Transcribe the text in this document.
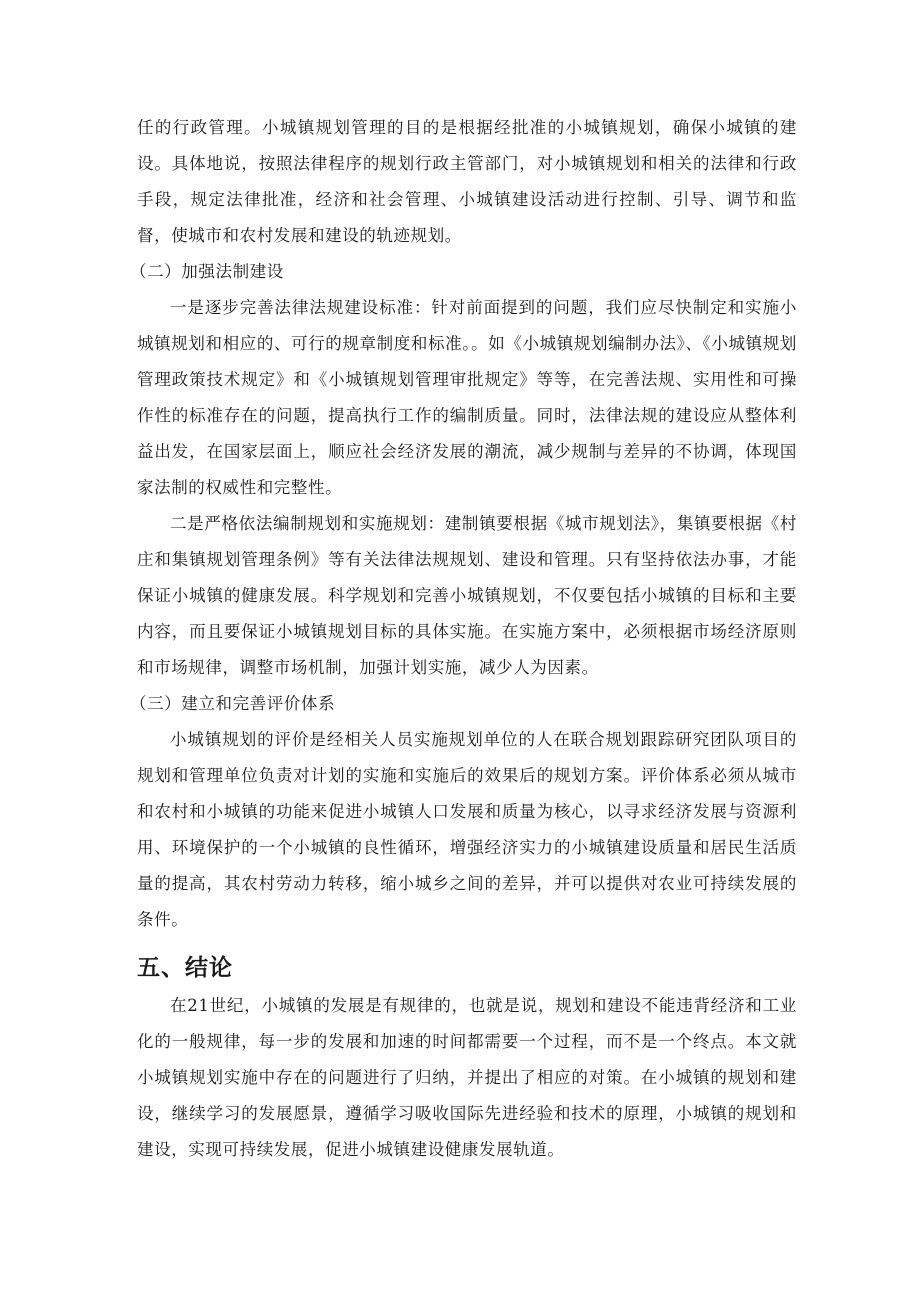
任的行政管理。小城镇规划管理的目的是根据经批准的小城镇规划，确保小城镇的建设。具体地说，按照法律程序的规划行政主管部门，对小城镇规划和相关的法律和行政手段，规定法律批准，经济和社会管理、小城镇建设活动进行控制、引导、调节和监督，使城市和农村发展和建设的轨迹规划。

（二）加强法制建设

一是逐步完善法律法规建设标准：针对前面提到的问题，我们应尽快制定和实施小城镇规划和相应的、可行的规章制度和标准。。如《小城镇规划编制办法》、《小城镇规划管理政策技术规定》和《小城镇规划管理审批规定》等等，在完善法规、实用性和可操作性的标准存在的问题，提高执行工作的编制质量。同时，法律法规的建设应从整体利益出发，在国家层面上，顺应社会经济发展的潮流，减少规制与差异的不协调，体现国家法制的权威性和完整性。

二是严格依法编制规划和实施规划：建制镇要根据《城市规划法》，集镇要根据《村庄和集镇规划管理条例》等有关法律法规规划、建设和管理。只有坚持依法办事，才能保证小城镇的健康发展。科学规划和完善小城镇规划，不仅要包括小城镇的目标和主要内容，而且要保证小城镇规划目标的具体实施。在实施方案中，必须根据市场经济原则和市场规律，调整市场机制，加强计划实施，减少人为因素。

（三）建立和完善评价体系

小城镇规划的评价是经相关人员实施规划单位的人在联合规划跟踪研究团队项目的规划和管理单位负责对计划的实施和实施后的效果后的规划方案。评价体系必须从城市和农村和小城镇的功能来促进小城镇人口发展和质量为核心，以寻求经济发展与资源利用、环境保护的一个小城镇的良性循环，增强经济实力的小城镇建设质量和居民生活质量的提高，其农村劳动力转移，缩小城乡之间的差异，并可以提供对农业可持续发展的条件。

五、结论

在21世纪，小城镇的发展是有规律的，也就是说，规划和建设不能违背经济和工业化的一般规律，每一步的发展和加速的时间都需要一个过程，而不是一个终点。本文就小城镇规划实施中存在的问题进行了归纳，并提出了相应的对策。在小城镇的规划和建设，继续学习的发展愿景，遵循学习吸收国际先进经验和技术的原理，小城镇的规划和建设，实现可持续发展，促进小城镇建设健康发展轨道。
